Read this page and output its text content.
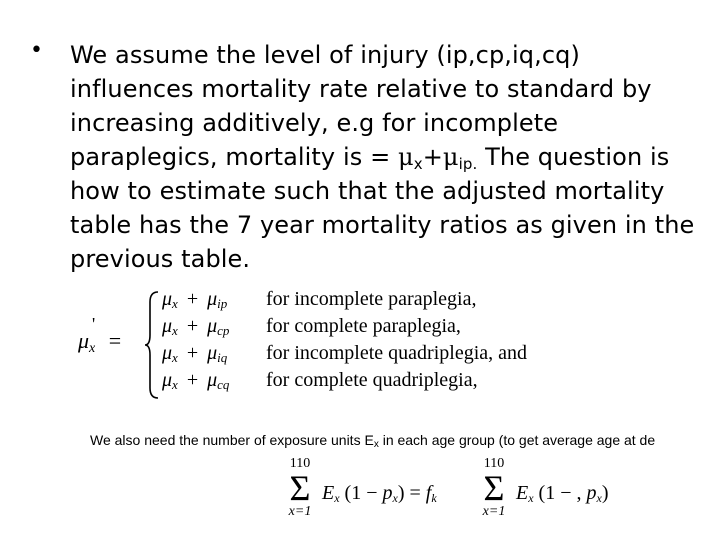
• We assume the level of injury (ip,cp,iq,cq) influences mortality rate relative to standard by increasing additively, e.g for incomplete paraplegics, mortality is = $\mu_x+\mu_{ip.}$ The question is how to estimate such that the adjusted mortality table has the 7 year mortality ratios as given in the previous table.
$\mu_x$
'
=
$\mu_x + \mu_{ip}$ for incomplete paraplegia,
$\mu_x + \mu_{cp}$ for complete paraplegia,
$\mu_x + \mu_{iq}$ for incomplete quadriplegia, and
$\mu_x + \mu_{cq}$ for complete quadriplegia,
We also need the number of exposure units $E_x$ in each age group (to get average age at de
110
Σ
x=1
$E_x$ $(1 - p_x) = f_k$
110
Σ
x=1
$E_x$ (1 − , $p_x$)
